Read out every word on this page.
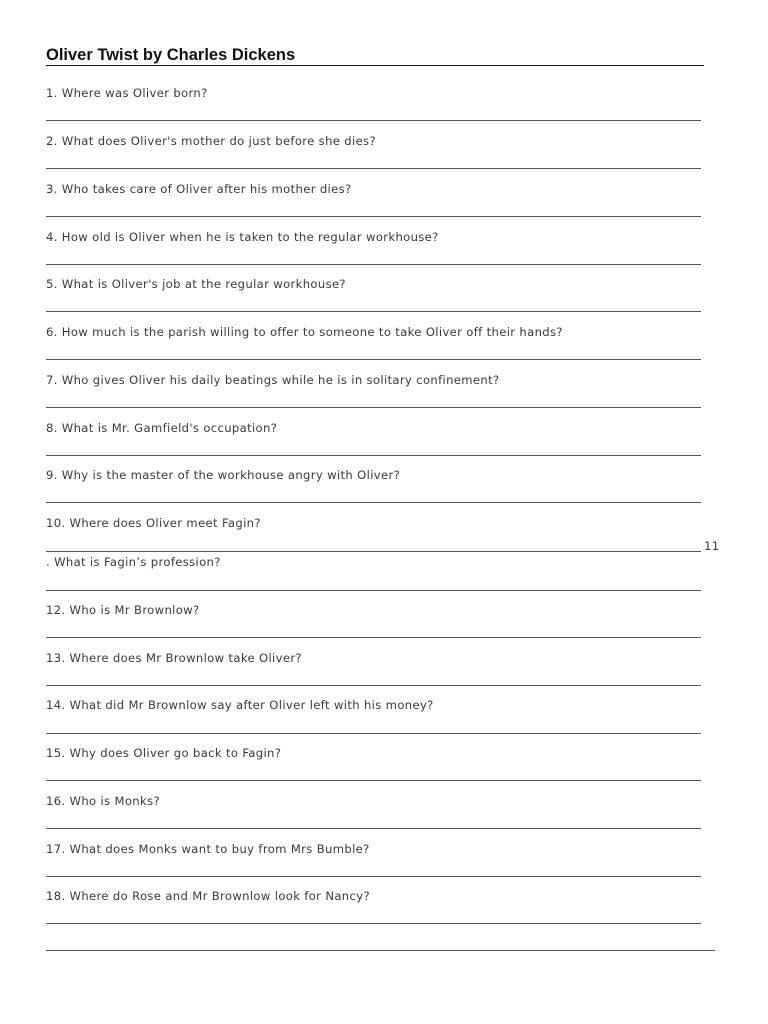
Oliver Twist by Charles Dickens

1. Where was Oliver born?

2. What does Oliver's mother do just before she dies?

3. Who takes care of Oliver after his mother dies?

4. How old is Oliver when he is taken to the regular workhouse?

5. What is Oliver's job at the regular workhouse?

6. How much is the parish willing to offer to someone to take Oliver off their hands?

7. Who gives Oliver his daily beatings while he is in solitary confinement?

8. What is Mr. Gamfield's occupation?

9. Why is the master of the workhouse angry with Oliver?

10. Where does Oliver meet Fagin?

11

. What is Fagin’s profession?

12. Who is Mr Brownlow?

13. Where does Mr Brownlow take Oliver?

14. What did Mr Brownlow say after Oliver left with his money?

15. Why does Oliver go back to Fagin?

16. Who is Monks?

17. What does Monks want to buy from Mrs Bumble?

18. Where do Rose and Mr Brownlow look for Nancy?
